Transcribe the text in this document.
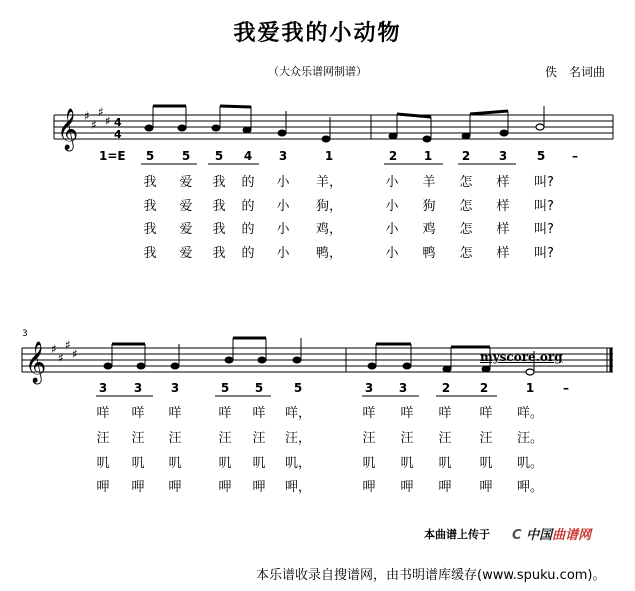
我爱我的小动物
（大众乐谱网制谱）	佚　名词曲
𝄞 ♯
♯
♯
♯ 4
4
𝄞 ♯
♯
♯
♯
1=E 5 5 5 4 3	1	2 1 2 3 5 –
我 爱 我 的 小 羊，	小 羊 怎 样 叫?
我 爱 我 的 小 狗，	小 狗 怎 样 叫?
我 爱 我 的 小 鸡，	小 鸡 怎 样 叫?
我 爱 我 的 小 鸭，	小 鸭 怎 样 叫?
3
3 3 3	5 5	5	3 3	2 2	1 –
咩 咩 咩	咩 咩 咩，	咩 咩 咩 咩 咩。
汪 汪 汪	汪 汪 汪，	汪 汪 汪 汪 汪。
叽 叽 叽	叽 叽 叽，	叽 叽 叽 叽 叽。
呷 呷 呷	呷 呷 呷，	呷 呷 呷 呷 呷。
myscore.org
本曲谱上传于 C 中国曲谱网
本乐谱收录自搜谱网，由书明谱库缓存(www.spuku.com)。
